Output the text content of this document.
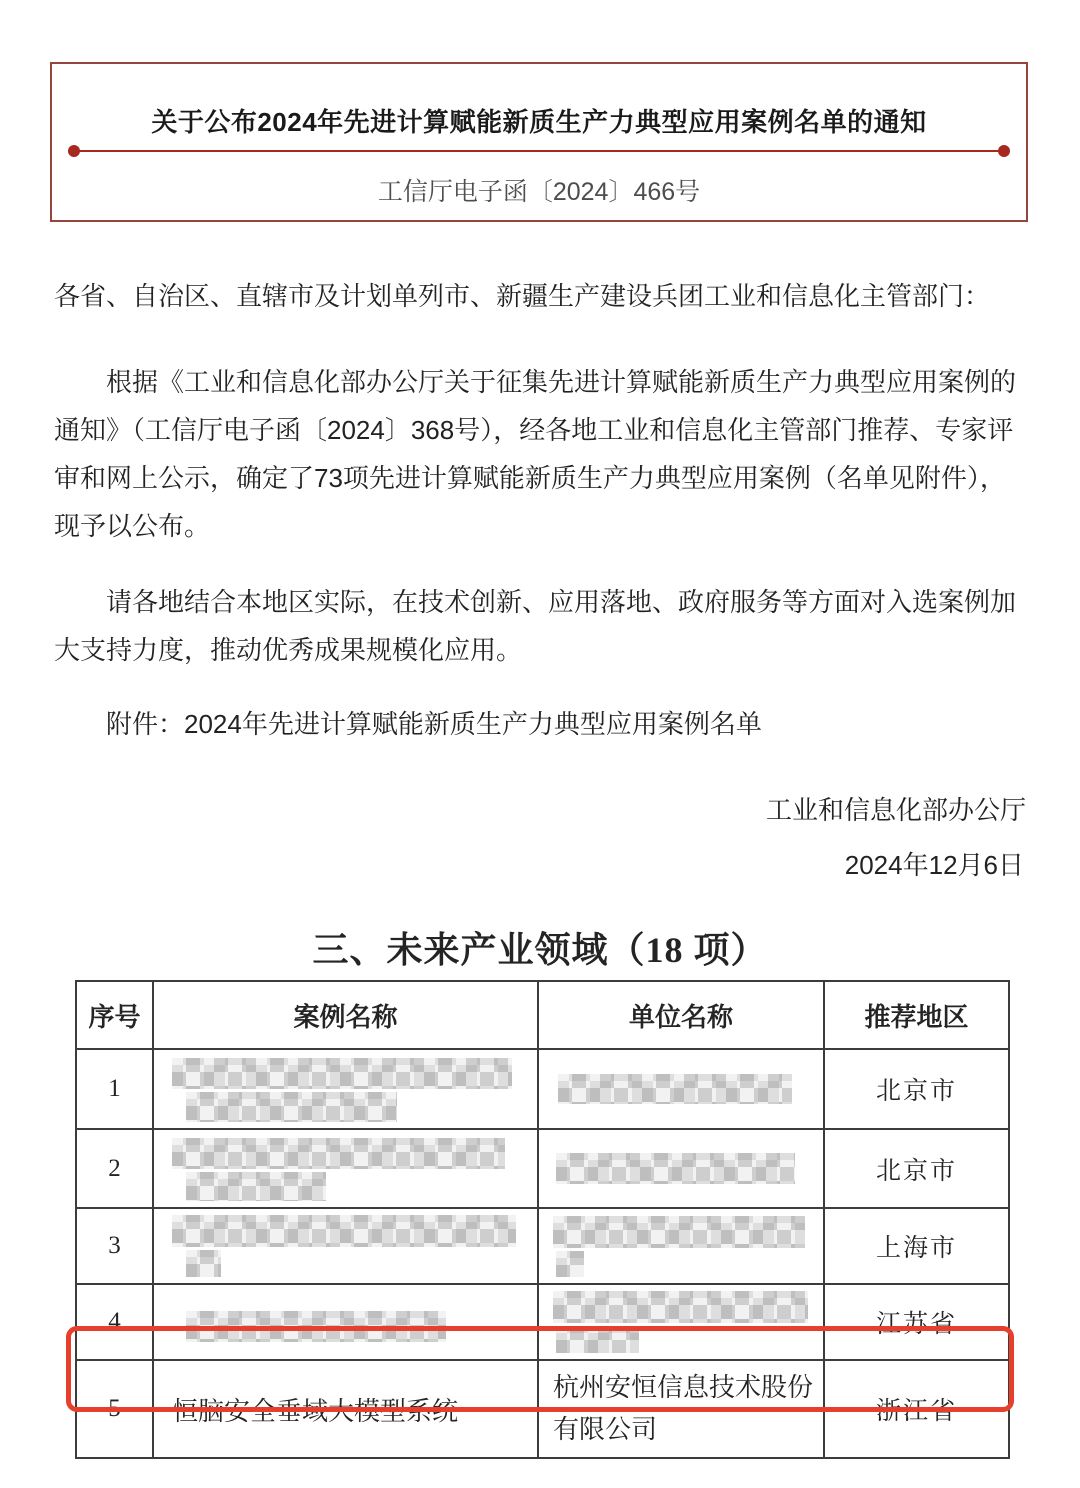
关于公布2024年先进计算赋能新质生产力典型应用案例名单的通知
工信厅电子函〔2024〕466号

各省、自治区、直辖市及计划单列市、新疆生产建设兵团工业和信息化主管部门：

根据《工业和信息化部办公厅关于征集先进计算赋能新质生产力典型应用案例的通知》（工信厅电子函〔2024〕368号），经各地工业和信息化主管部门推荐、专家评审和网上公示，确定了73项先进计算赋能新质生产力典型应用案例（名单见附件），现予以公布。

请各地结合本地区实际，在技术创新、应用落地、政府服务等方面对入选案例加大支持力度，推动优秀成果规模化应用。

附件：2024年先进计算赋能新质生产力典型应用案例名单

工业和信息化部办公厅

2024年12月6日

三、未来产业领域（18 项）
序号	案例名称	单位名称	推荐地区
1			北京市
2			北京市
3			上海市
4			江苏省
5	恒脑安全垂域大模型系统	杭州安恒信息技术股份有限公司	浙江省
